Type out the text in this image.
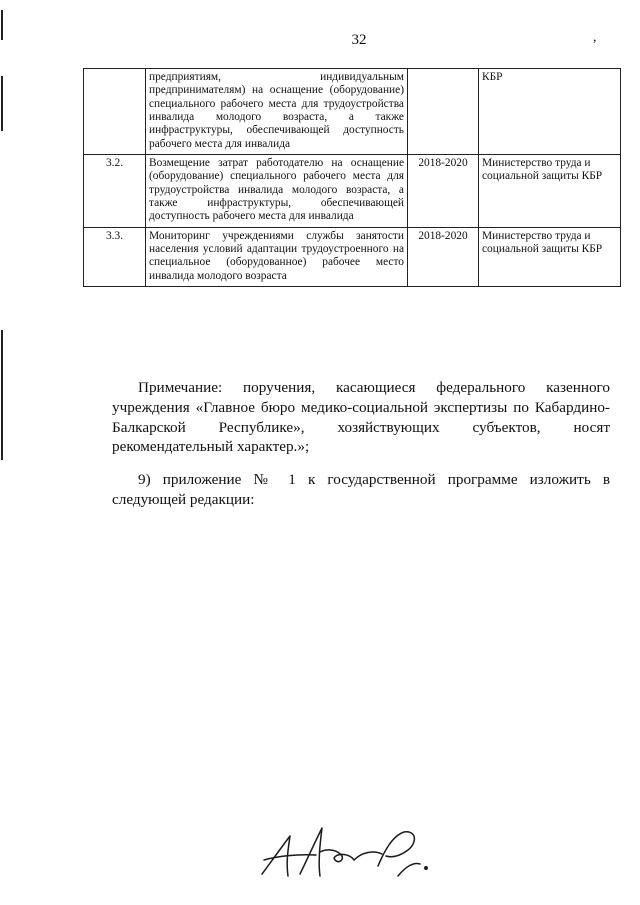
32	,
	предприятиям, индивидуальным предпринимателям) на оснащение (оборудование) специального рабочего места для трудоустройства инвалида молодого возраста, а также инфраструктуры, обеспечивающей доступность рабочего места для инвалида		КБР
3.2.	Возмещение затрат работодателю на оснащение (оборудование) специального рабочего места для трудоустройства инвалида молодого возраста, а также инфраструктуры, обеспечивающей доступность рабочего места для инвалида	2018-2020	Министерство труда и социальной защиты КБР
3.3.	Мониторинг учреждениями службы занятости населения условий адаптации трудоустроенного на специальное (оборудованное) рабочее место инвалида молодого возраста	2018-2020	Министерство труда и социальной защиты КБР
Примечание: поручения, касающиеся федерального казенного учреждения «Главное бюро медико-социальной экспертизы по Кабардино-Балкарской Республике», хозяйствующих субъектов, носят рекомендательный характер.»;
9) приложение № 1 к государственной программе изложить в следующей редакции:
